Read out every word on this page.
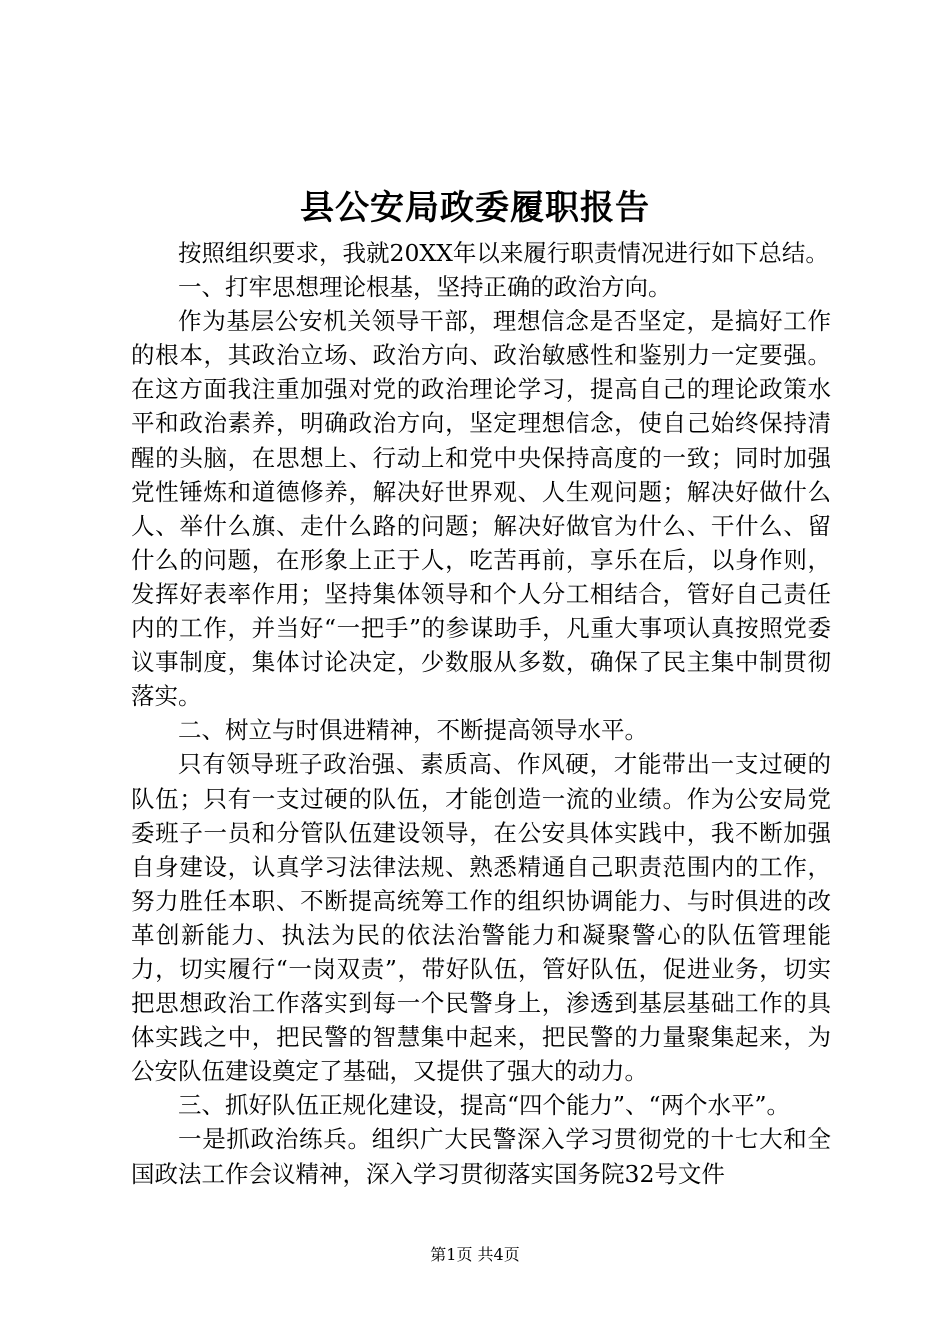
县公安局政委履职报告

按照组织要求，我就20XX年以来履行职责情况进行如下总结。

一、打牢思想理论根基，坚持正确的政治方向。

作为基层公安机关领导干部，理想信念是否坚定，是搞好工作的根本，其政治立场、政治方向、政治敏感性和鉴别力一定要强。在这方面我注重加强对党的政治理论学习，提高自己的理论政策水平和政治素养，明确政治方向，坚定理想信念，使自己始终保持清醒的头脑，在思想上、行动上和党中央保持高度的一致；同时加强党性锤炼和道德修养，解决好世界观、人生观问题；解决好做什么人、举什么旗、走什么路的问题；解决好做官为什么、干什么、留什么的问题，在形象上正于人，吃苦再前，享乐在后，以身作则，发挥好表率作用；坚持集体领导和个人分工相结合，管好自己责任内的工作，并当好“一把手”的参谋助手，凡重大事项认真按照党委议事制度，集体讨论决定，少数服从多数，确保了民主集中制贯彻落实。

二、树立与时俱进精神，不断提高领导水平。

只有领导班子政治强、素质高、作风硬，才能带出一支过硬的队伍；只有一支过硬的队伍，才能创造一流的业绩。作为公安局党委班子一员和分管队伍建设领导，在公安具体实践中，我不断加强自身建设，认真学习法律法规、熟悉精通自己职责范围内的工作，努力胜任本职、不断提高统筹工作的组织协调能力、与时俱进的改革创新能力、执法为民的依法治警能力和凝聚警心的队伍管理能力，切实履行“一岗双责”，带好队伍，管好队伍，促进业务，切实把思想政治工作落实到每一个民警身上，渗透到基层基础工作的具体实践之中，把民警的智慧集中起来，把民警的力量聚集起来，为公安队伍建设奠定了基础，又提供了强大的动力。

三、抓好队伍正规化建设，提高“四个能力”、“两个水平”。

一是抓政治练兵。组织广大民警深入学习贯彻党的十七大和全国政法工作会议精神，深入学习贯彻落实国务院32号文件

第1页 共4页
